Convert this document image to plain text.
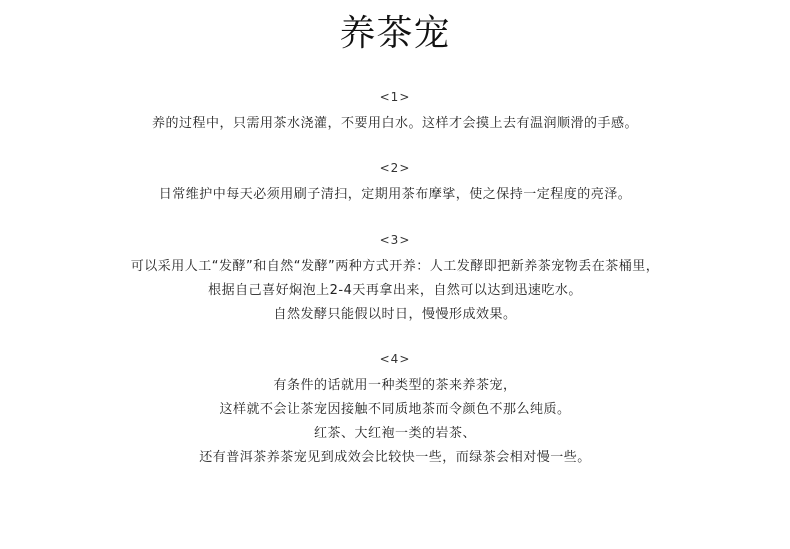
养茶宠
<1>
养的过程中，只需用茶水浇灌，不要用白水。这样才会摸上去有温润顺滑的手感。
<2>
日常维护中每天必须用刷子清扫，定期用茶布摩挲，使之保持一定程度的亮泽。
<3>
可以采用人工“发酵”和自然“发酵”两种方式开养：人工发酵即把新养茶宠物丢在茶桶里，
根据自己喜好焖泡上2-4天再拿出来，自然可以达到迅速吃水。
自然发酵只能假以时日，慢慢形成效果。
<4>
有条件的话就用一种类型的茶来养茶宠，
这样就不会让茶宠因接触不同质地茶而令颜色不那么纯质。
红茶、大红袍一类的岩茶、
还有普洱茶养茶宠见到成效会比较快一些，而绿茶会相对慢一些。
